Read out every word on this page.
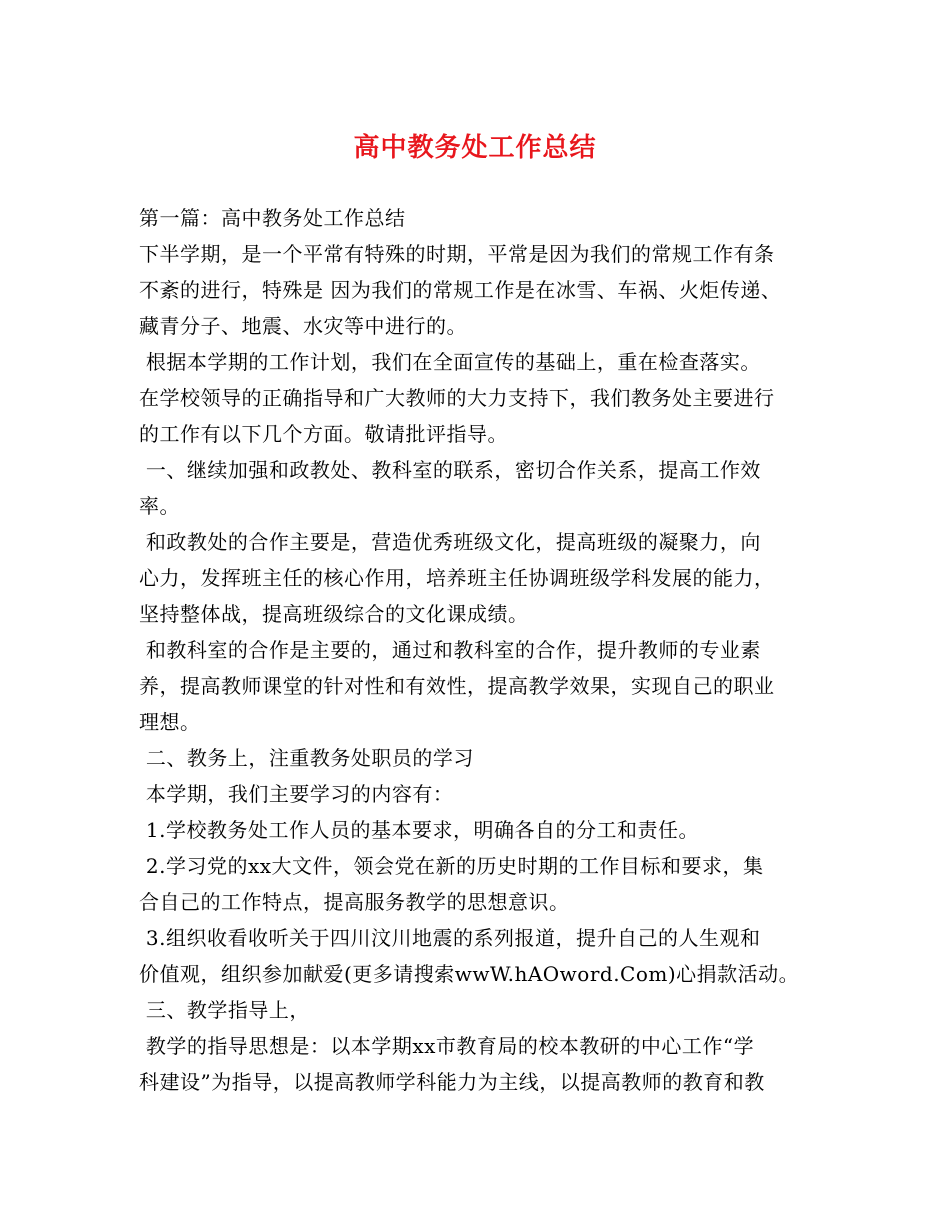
高中教务处工作总结
第一篇：高中教务处工作总结
下半学期，是一个平常有特殊的时期，平常是因为我们的常规工作有条
不紊的进行，特殊是 因为我们的常规工作是在冰雪、车祸、火炬传递、
藏青分子、地震、水灾等中进行的。
根据本学期的工作计划，我们在全面宣传的基础上，重在检查落实。
在学校领导的正确指导和广大教师的大力支持下，我们教务处主要进行
的工作有以下几个方面。敬请批评指导。
一、继续加强和政教处、教科室的联系，密切合作关系，提高工作效
率。
和政教处的合作主要是，营造优秀班级文化，提高班级的凝聚力，向
心力，发挥班主任的核心作用，培养班主任协调班级学科发展的能力，
坚持整体战，提高班级综合的文化课成绩。
和教科室的合作是主要的，通过和教科室的合作，提升教师的专业素
养，提高教师课堂的针对性和有效性，提高教学效果，实现自己的职业
理想。
二、教务上，注重教务处职员的学习
本学期，我们主要学习的内容有：
1.学校教务处工作人员的基本要求，明确各自的分工和责任。
2.学习党的xx大文件，领会党在新的历史时期的工作目标和要求，集
合自己的工作特点，提高服务教学的思想意识。
3.组织收看收听关于四川汶川地震的系列报道，提升自己的人生观和
价值观，组织参加献爱(更多请搜索wwW.hAOword.Com)心捐款活动。
三、教学指导上，
教学的指导思想是：以本学期xx市教育局的校本教研的中心工作“学
科建设”为指导，以提高教师学科能力为主线，以提高教师的教育和教
